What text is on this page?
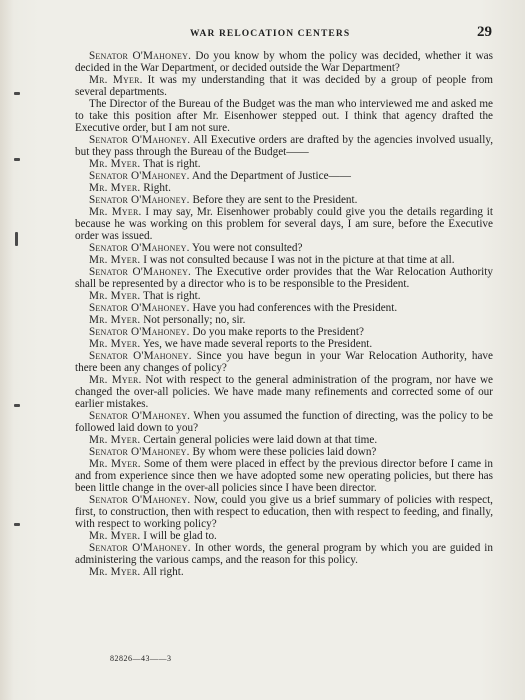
WAR RELOCATION CENTERS	29

Senator O'Mahoney. Do you know by whom the policy was decided, whether it was decided in the War Department, or decided outside the War Department?

Mr. Myer. It was my understanding that it was decided by a group of people from several departments.

The Director of the Bureau of the Budget was the man who interviewed me and asked me to take this position after Mr. Eisenhower stepped out. I think that agency drafted the Executive order, but I am not sure.

Senator O'Mahoney. All Executive orders are drafted by the agencies involved usually, but they pass through the Bureau of the Budget——

Mr. Myer. That is right.

Senator O'Mahoney. And the Department of Justice——

Mr. Myer. Right.

Senator O'Mahoney. Before they are sent to the President.

Mr. Myer. I may say, Mr. Eisenhower probably could give you the details regarding it because he was working on this problem for several days, I am sure, before the Executive order was issued.

Senator O'Mahoney. You were not consulted?

Mr. Myer. I was not consulted because I was not in the picture at that time at all.

Senator O'Mahoney. The Executive order provides that the War Relocation Authority shall be represented by a director who is to be responsible to the President.

Mr. Myer. That is right.

Senator O'Mahoney. Have you had conferences with the President.

Mr. Myer. Not personally; no, sir.

Senator O'Mahoney. Do you make reports to the President?

Mr. Myer. Yes, we have made several reports to the President.

Senator O'Mahoney. Since you have begun in your War Relocation Authority, have there been any changes of policy?

Mr. Myer. Not with respect to the general administration of the program, nor have we changed the over-all policies. We have made many refinements and corrected some of our earlier mistakes.

Senator O'Mahoney. When you assumed the function of directing, was the policy to be followed laid down to you?

Mr. Myer. Certain general policies were laid down at that time.

Senator O'Mahoney. By whom were these policies laid down?

Mr. Myer. Some of them were placed in effect by the previous director before I came in and from experience since then we have adopted some new operating policies, but there has been little change in the over-all policies since I have been director.

Senator O'Mahoney. Now, could you give us a brief summary of policies with respect, first, to construction, then with respect to education, then with respect to feeding, and finally, with respect to working policy?

Mr. Myer. I will be glad to.

Senator O'Mahoney. In other words, the general program by which you are guided in administering the various camps, and the reason for this policy.

Mr. Myer. All right.

82826—43——3
